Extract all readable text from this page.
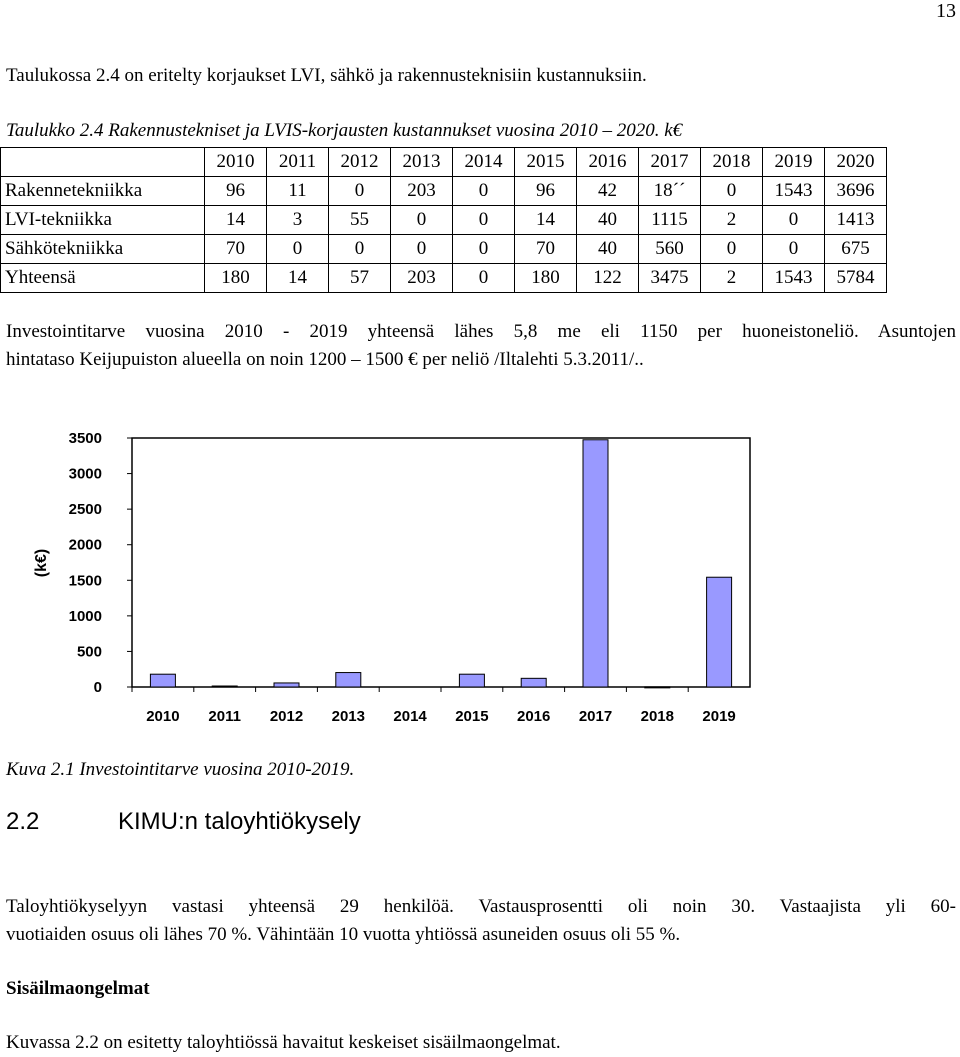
13
Taulukossa 2.4 on eritelty korjaukset LVI, sähkö ja rakennusteknisiin kustannuksiin.
Taulukko 2.4 Rakennustekniset ja LVIS-korjausten kustannukset vuosina 2010 – 2020. k€
	2010	2011	2012	2013	2014	2015	2016	2017	2018	2019	2020
Rakennetekniikka	96	11	0	203	0	96	42	18´´	0	1543	3696
LVI-tekniikka	14	3	55	0	0	14	40	1115	2	0	1413
Sähkötekniikka	70	0	0	0	0	70	40	560	0	0	675
Yhteensä	180	14	57	203	0	180	122	3475	2	1543	5784
Investointitarve vuosina 2010 - 2019 yhteensä lähes 5,8 me eli 1150 per huoneistoneliö. Asuntojen
hintataso Keijupuiston alueella on noin 1200 – 1500 € per neliö /Iltalehti 5.3.2011/..
0
500
1000
1500
2000
2500
3000
3500
(k€)
2010 2011 2012 2013 2014 2015 2016 2017 2018 2019
Kuva 2.1 Investointitarve vuosina 2010-2019.
2.2	KIMU:n taloyhtiökysely
Taloyhtiökyselyyn vastasi yhteensä 29 henkilöä. Vastausprosentti oli noin 30. Vastaajista yli 60-
vuotiaiden osuus oli lähes 70 %. Vähintään 10 vuotta yhtiössä asuneiden osuus oli 55 %.
Sisäilmaongelmat
Kuvassa 2.2 on esitetty taloyhtiössä havaitut keskeiset sisäilmaongelmat.
